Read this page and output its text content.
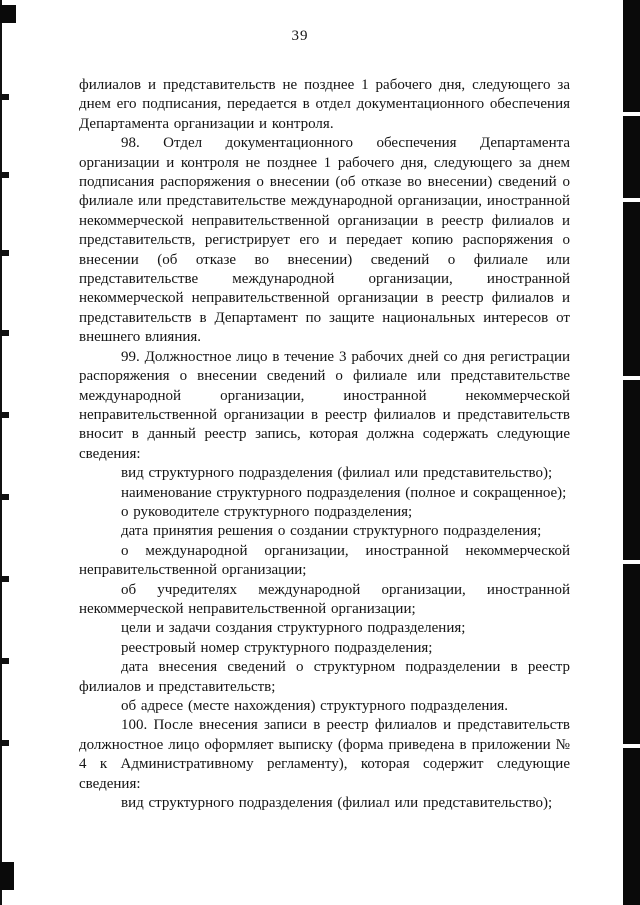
39

филиалов и представительств не позднее 1 рабочего дня, следующего за днем его подписания, передается в отдел документационного обеспечения Департамента организации и контроля.

98. Отдел документационного обеспечения Департамента организации и контроля не позднее 1 рабочего дня, следующего за днем подписания распоряжения о внесении (об отказе во внесении) сведений о филиале или представительстве международной организации, иностранной некоммерческой неправительственной организации в реестр филиалов и представительств, регистрирует его и передает копию распоряжения о внесении (об отказе во внесении) сведений о филиале или представительстве международной организации, иностранной некоммерческой неправительственной организации в реестр филиалов и представительств в Департамент по защите национальных интересов от внешнего влияния.

99. Должностное лицо в течение 3 рабочих дней со дня регистрации распоряжения о внесении сведений о филиале или представительстве международной организации, иностранной некоммерческой неправительственной организации в реестр филиалов и представительств вносит в данный реестр запись, которая должна содержать следующие сведения:

вид структурного подразделения (филиал или представительство);

наименование структурного подразделения (полное и сокращенное);

о руководителе структурного подразделения;

дата принятия решения о создании структурного подразделения;

о международной организации, иностранной некоммерческой неправительственной организации;

об учредителях международной организации, иностранной некоммерческой неправительственной организации;

цели и задачи создания структурного подразделения;

реестровый номер структурного подразделения;

дата внесения сведений о структурном подразделении в реестр филиалов и представительств;

об адресе (месте нахождения) структурного подразделения.

100. После внесения записи в реестр филиалов и представительств должностное лицо оформляет выписку (форма приведена в приложении № 4 к Административному регламенту), которая содержит следующие сведения:

вид структурного подразделения (филиал или представительство);
